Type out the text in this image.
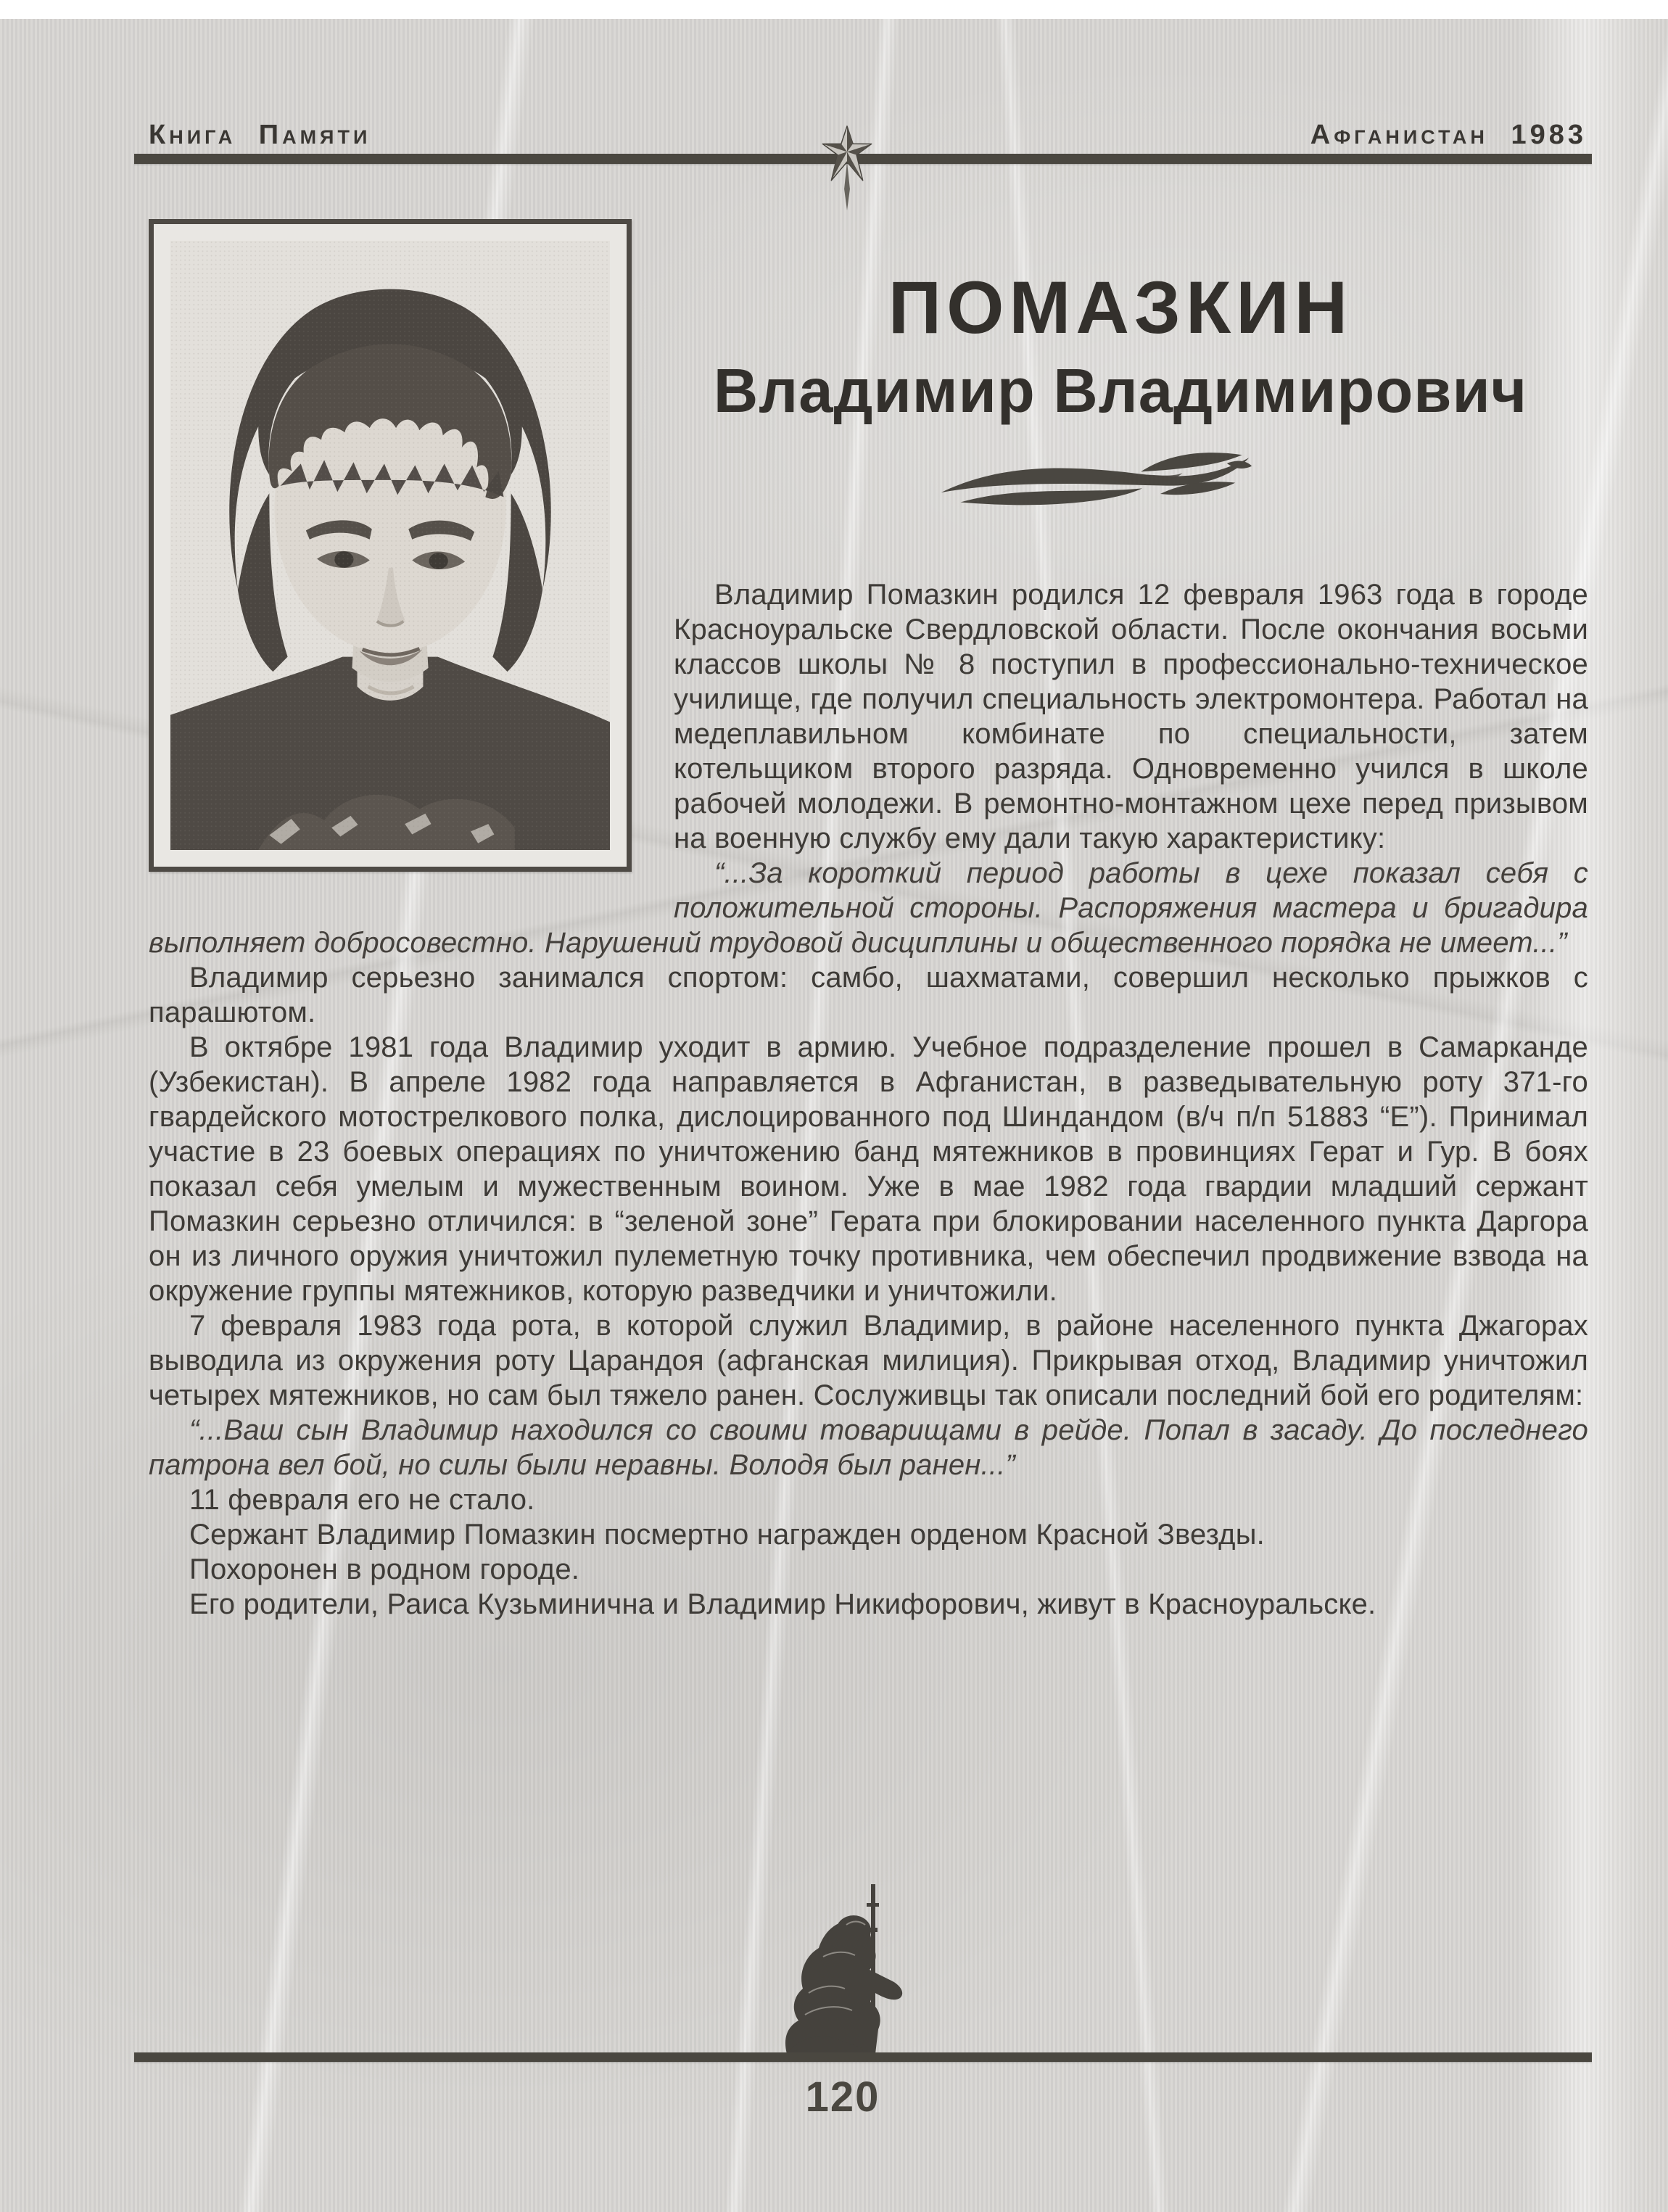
Книга Памяти	Афганистан 1983
ПОМАЗКИН
Владимир Владимирович

Владимир Помазкин родился 12 февраля 1963 года в городе Красноуральске Свердловской области. После окончания восьми классов школы № 8 поступил в профессионально-техническое училище, где получил специальность электромонтера. Работал на медеплавильном комбинате по специальности, затем котельщиком второго разряда. Одновременно учился в школе рабочей молодежи. В ремонтно-монтажном цехе перед призывом на военную службу ему дали такую характеристику:

“...За короткий период работы в цехе показал себя с положительной стороны. Распоряжения мастера и бригадира выполняет добросовестно. Нарушений трудовой дисциплины и общественного порядка не имеет...”

Владимир серьезно занимался спортом: самбо, шахматами, совершил несколько прыжков с парашютом.

В октябре 1981 года Владимир уходит в армию. Учебное подразделение прошел в Самарканде (Узбекистан). В апреле 1982 года направляется в Афганистан, в разведывательную роту 371-го гвардейского мотострелкового полка, дислоцированного под Шиндандом (в/ч п/п 51883 “Е”). Принимал участие в 23 боевых операциях по уничтожению банд мятежников в провинциях Герат и Гур. В боях показал себя умелым и мужественным воином. Уже в мае 1982 года гвардии младший сержант Помазкин серьезно отличился: в “зеленой зоне” Герата при блокировании населенного пункта Даргора он из личного оружия уничтожил пулеметную точку противника, чем обеспечил продвижение взвода на окружение группы мятежников, которую разведчики и уничтожили.

7 февраля 1983 года рота, в которой служил Владимир, в районе населенного пункта Джагорах выводила из окружения роту Царандоя (афганская милиция). Прикрывая отход, Владимир уничтожил четырех мятежников, но сам был тяжело ранен. Сослуживцы так описали последний бой его родителям:

“...Ваш сын Владимир находился со своими товарищами в рейде. Попал в засаду. До последнего патрона вел бой, но силы были неравны. Володя был ранен...”

11 февраля его не стало.

Сержант Владимир Помазкин посмертно награжден орденом Красной Звезды.

Похоронен в родном городе.

Его родители, Раиса Кузьминична и Владимир Никифорович, живут в Красноуральске.

120
